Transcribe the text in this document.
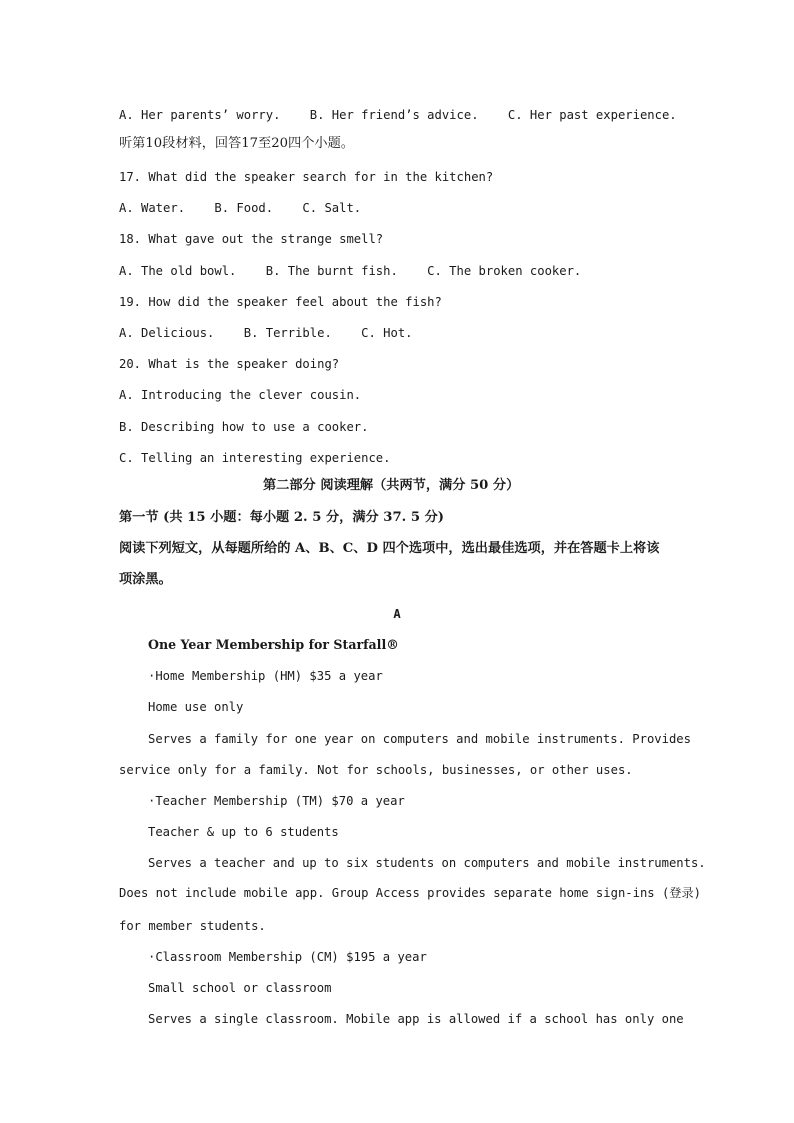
A. Her parents’ worry.    B. Her friend’s advice.    C. Her past experience.
听第10段材料，回答17至20四个小题。
17. What did the speaker search for in the kitchen?
A. Water.    B. Food.    C. Salt.
18. What gave out the strange smell?
A. The old bowl.    B. The burnt fish.    C. The broken cooker.
19. How did the speaker feel about the fish?
A. Delicious.    B. Terrible.    C. Hot.
20. What is the speaker doing?
A. Introducing the clever cousin.
B. Describing how to use a cooker.
C. Telling an interesting experience.
第二部分 阅读理解（共两节，满分 50 分）
第一节 (共 15 小题：每小题 2. 5 分，满分 37. 5 分)
阅读下列短文，从每题所给的 A、B、C、D 四个选项中，选出最佳选项，并在答题卡上将该
项涂黑。
A
One Year Membership for Starfall®
·Home Membership (HM) $35 a year
Home use only
Serves a family for one year on computers and mobile instruments. Provides
service only for a family. Not for schools, businesses, or other uses.
·Teacher Membership (TM) $70 a year
Teacher & up to 6 students
Serves a teacher and up to six students on computers and mobile instruments.
Does not include mobile app. Group Access provides separate home sign-ins (登录)
for member students.
·Classroom Membership (CM) $195 a year
Small school or classroom
Serves a single classroom. Mobile app is allowed if a school has only one
